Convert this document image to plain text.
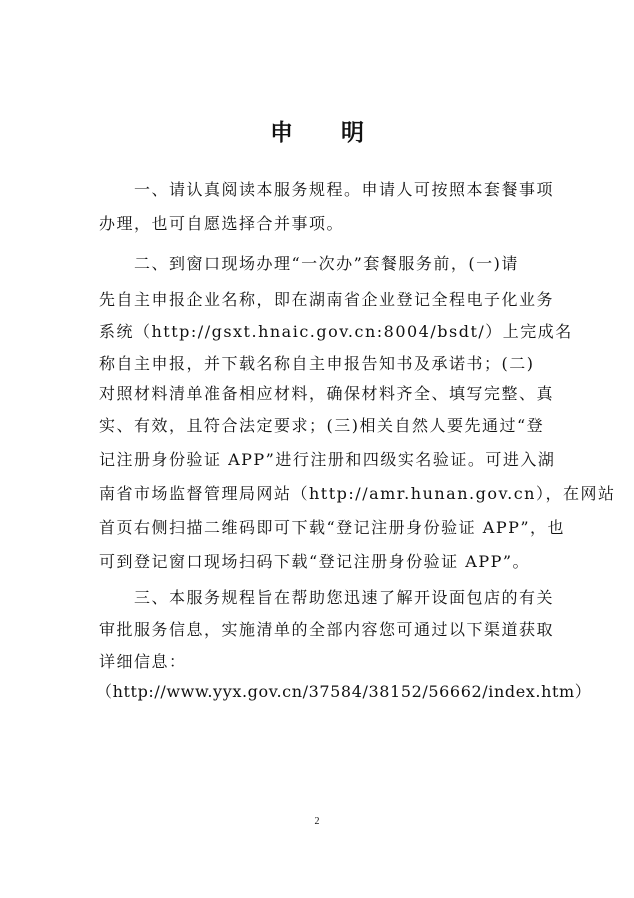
申 明
　　一、请认真阅读本服务规程。申请人可按照本套餐事项
办理，也可自愿选择合并事项。
　　二、到窗口现场办理“一次办”套餐服务前，(一)请
先自主申报企业名称，即在湖南省企业登记全程电子化业务
系统（http://gsxt.hnaic.gov.cn:8004/bsdt/）上完成名
称自主申报，并下载名称自主申报告知书及承诺书；(二)
对照材料清单准备相应材料，确保材料齐全、填写完整、真
实、有效，且符合法定要求；(三)相关自然人要先通过“登
记注册身份验证 APP”进行注册和四级实名验证。可进入湖
南省市场监督管理局网站（http://amr.hunan.gov.cn），在网站
首页右侧扫描二维码即可下载“登记注册身份验证 APP”，也
可到登记窗口现场扫码下载“登记注册身份验证 APP”。
　　三、本服务规程旨在帮助您迅速了解开设面包店的有关
审批服务信息，实施清单的全部内容您可通过以下渠道获取
详细信息：
（http://www.yyx.gov.cn/37584/38152/56662/index.htm）
2
